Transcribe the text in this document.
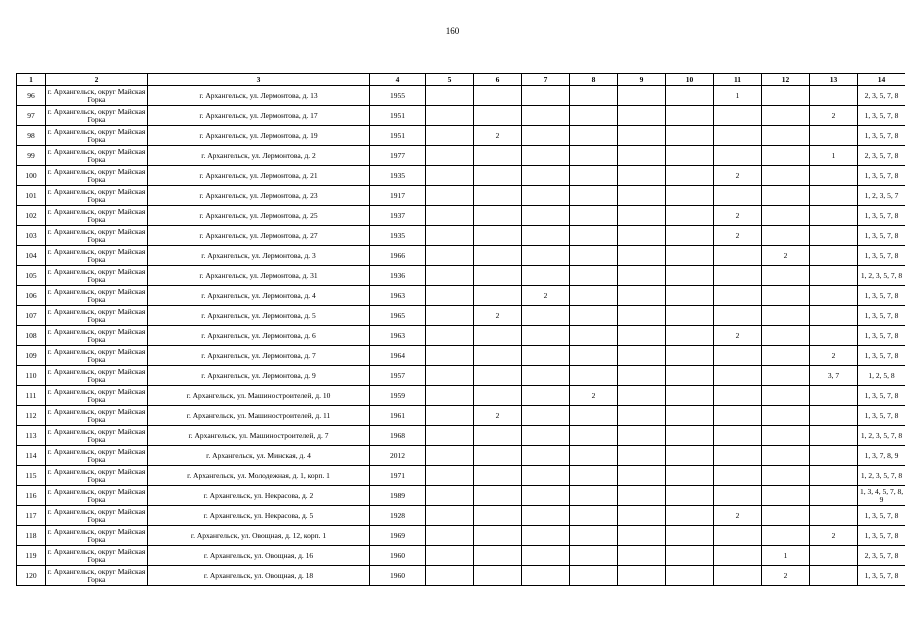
160
1	2	3	4	5	6	7	8	9	10	11	12	13	14
96	г. Архангельск, округ Майская Горка	г. Архангельск, ул. Лермонтова, д. 13	1955							1			2, 3, 5, 7, 8
97	г. Архангельск, округ Майская Горка	г. Архангельск, ул. Лермонтова, д. 17	1951									2	1, 3, 5, 7, 8
98	г. Архангельск, округ Майская Горка	г. Архангельск, ул. Лермонтова, д. 19	1951		2								1, 3, 5, 7, 8
99	г. Архангельск, округ Майская Горка	г. Архангельск, ул. Лермонтова, д. 2	1977									1	2, 3, 5, 7, 8
100	г. Архангельск, округ Майская Горка	г. Архангельск, ул. Лермонтова, д. 21	1935							2			1, 3, 5, 7, 8
101	г. Архангельск, округ Майская Горка	г. Архангельск, ул. Лермонтова, д. 23	1917										1, 2, 3, 5, 7
102	г. Архангельск, округ Майская Горка	г. Архангельск, ул. Лермонтова, д. 25	1937							2			1, 3, 5, 7, 8
103	г. Архангельск, округ Майская Горка	г. Архангельск, ул. Лермонтова, д. 27	1935							2			1, 3, 5, 7, 8
104	г. Архангельск, округ Майская Горка	г. Архангельск, ул. Лермонтова, д. 3	1966								2		1, 3, 5, 7, 8
105	г. Архангельск, округ Майская Горка	г. Архангельск, ул. Лермонтова, д. 31	1936										1, 2, 3, 5, 7, 8
106	г. Архангельск, округ Майская Горка	г. Архангельск, ул. Лермонтова, д. 4	1963			2							1, 3, 5, 7, 8
107	г. Архангельск, округ Майская Горка	г. Архангельск, ул. Лермонтова, д. 5	1965		2								1, 3, 5, 7, 8
108	г. Архангельск, округ Майская Горка	г. Архангельск, ул. Лермонтова, д. 6	1963							2			1, 3, 5, 7, 8
109	г. Архангельск, округ Майская Горка	г. Архангельск, ул. Лермонтова, д. 7	1964									2	1, 3, 5, 7, 8
110	г. Архангельск, округ Майская Горка	г. Архангельск, ул. Лермонтова, д. 9	1957									3, 7	1, 2, 5, 8
111	г. Архангельск, округ Майская Горка	г. Архангельск, ул. Машиностроителей, д. 10	1959				2						1, 3, 5, 7, 8
112	г. Архангельск, округ Майская Горка	г. Архангельск, ул. Машиностроителей, д. 11	1961		2								1, 3, 5, 7, 8
113	г. Архангельск, округ Майская Горка	г. Архангельск, ул. Машиностроителей, д. 7	1968										1, 2, 3, 5, 7, 8
114	г. Архангельск, округ Майская Горка	г. Архангельск, ул. Минская, д. 4	2012										1, 3, 7, 8, 9
115	г. Архангельск, округ Майская Горка	г. Архангельск, ул. Молодежная, д. 1, корп. 1	1971										1, 2, 3, 5, 7, 8
116	г. Архангельск, округ Майская Горка	г. Архангельск, ул. Некрасова, д. 2	1989										1, 3, 4, 5, 7, 8, 9
117	г. Архангельск, округ Майская Горка	г. Архангельск, ул. Некрасова, д. 5	1928							2			1, 3, 5, 7, 8
118	г. Архангельск, округ Майская Горка	г. Архангельск, ул. Овощная, д. 12, корп. 1	1969									2	1, 3, 5, 7, 8
119	г. Архангельск, округ Майская Горка	г. Архангельск, ул. Овощная, д. 16	1960								1		2, 3, 5, 7, 8
120	г. Архангельск, округ Майская Горка	г. Архангельск, ул. Овощная, д. 18	1960								2		1, 3, 5, 7, 8
